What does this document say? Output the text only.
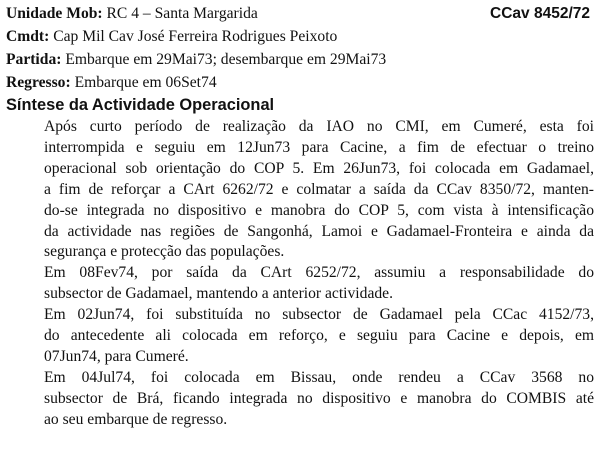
Unidade Mob: RC 4 – Santa Margarida	CCav 8452/72
Cmdt: Cap Mil Cav José Ferreira Rodrigues Peixoto
Partida: Embarque em 29Mai73; desembarque em 29Mai73
Regresso: Embarque em 06Set74
Síntese da Actividade Operacional
Após curto período de realização da IAO no CMI, em Cumeré, esta foi
interrompida e seguiu em 12Jun73 para Cacine, a fim de efectuar o treino
operacional sob orientação do COP 5. Em 26Jun73, foi colocada em Gadamael,
a fim de reforçar a CArt 6262/72 e colmatar a saída da CCav 8350/72, manten-
do-se integrada no dispositivo e manobra do COP 5, com vista à intensificação
da actividade nas regiões de Sangonhá, Lamoi e Gadamael-Fronteira e ainda da
segurança e protecção das populações.
Em 08Fev74, por saída da CArt 6252/72, assumiu a responsabilidade do
subsector de Gadamael, mantendo a anterior actividade.
Em 02Jun74, foi substituída no subsector de Gadamael pela CCac 4152/73,
do antecedente ali colocada em reforço, e seguiu para Cacine e depois, em
07Jun74, para Cumeré.
Em 04Jul74, foi colocada em Bissau, onde rendeu a CCav 3568 no
subsector de Brá, ficando integrada no dispositivo e manobra do COMBIS até
ao seu embarque de regresso.
